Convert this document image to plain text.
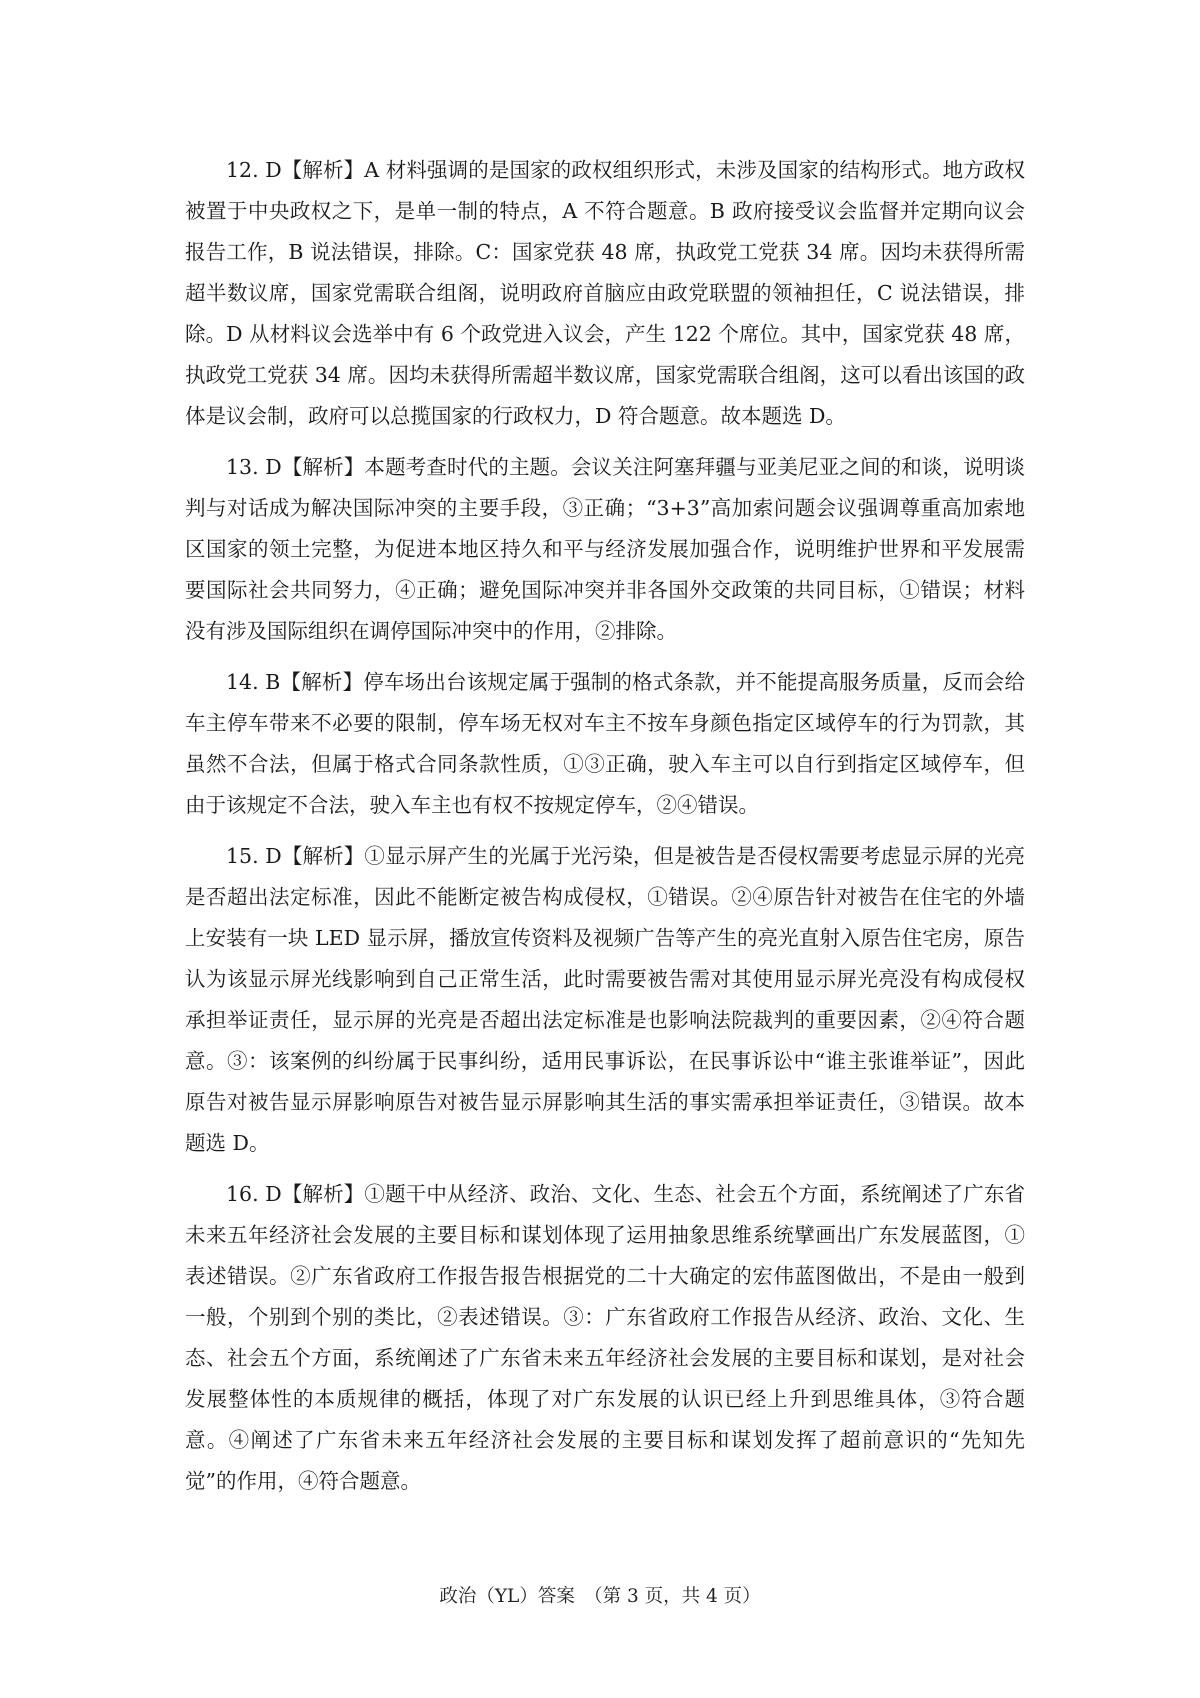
12. D【解析】A 材料强调的是国家的政权组织形式，未涉及国家的结构形式。地方政权被置于中央政权之下，是单一制的特点，A 不符合题意。B 政府接受议会监督并定期向议会报告工作，B 说法错误，排除。C：国家党获 48 席，执政党工党获 34 席。因均未获得所需超半数议席，国家党需联合组阁，说明政府首脑应由政党联盟的领袖担任，C 说法错误，排除。D 从材料议会选举中有 6 个政党进入议会，产生 122 个席位。其中，国家党获 48 席，执政党工党获 34 席。因均未获得所需超半数议席，国家党需联合组阁，这可以看出该国的政体是议会制，政府可以总揽国家的行政权力，D 符合题意。故本题选 D。

13. D【解析】本题考查时代的主题。会议关注阿塞拜疆与亚美尼亚之间的和谈，说明谈判与对话成为解决国际冲突的主要手段，③正确；“3+3”高加索问题会议强调尊重高加索地区国家的领土完整，为促进本地区持久和平与经济发展加强合作，说明维护世界和平发展需要国际社会共同努力，④正确；避免国际冲突并非各国外交政策的共同目标，①错误；材料没有涉及国际组织在调停国际冲突中的作用，②排除。

14. B【解析】停车场出台该规定属于强制的格式条款，并不能提高服务质量，反而会给车主停车带来不必要的限制，停车场无权对车主不按车身颜色指定区域停车的行为罚款，其虽然不合法，但属于格式合同条款性质，①③正确，驶入车主可以自行到指定区域停车，但由于该规定不合法，驶入车主也有权不按规定停车，②④错误。

15. D【解析】①显示屏产生的光属于光污染，但是被告是否侵权需要考虑显示屏的光亮是否超出法定标准，因此不能断定被告构成侵权，①错误。②④原告针对被告在住宅的外墙上安装有一块 LED 显示屏，播放宣传资料及视频广告等产生的亮光直射入原告住宅房，原告认为该显示屏光线影响到自己正常生活，此时需要被告需对其使用显示屏光亮没有构成侵权承担举证责任，显示屏的光亮是否超出法定标准是也影响法院裁判的重要因素，②④符合题意。③：该案例的纠纷属于民事纠纷，适用民事诉讼，在民事诉讼中“谁主张谁举证”，因此原告对被告显示屏影响原告对被告显示屏影响其生活的事实需承担举证责任，③错误。故本题选 D。

16. D【解析】①题干中从经济、政治、文化、生态、社会五个方面，系统阐述了广东省未来五年经济社会发展的主要目标和谋划体现了运用抽象思维系统擘画出广东发展蓝图，①表述错误。②广东省政府工作报告报告根据党的二十大确定的宏伟蓝图做出，不是由一般到一般，个别到个别的类比，②表述错误。③：广东省政府工作报告从经济、政治、文化、生态、社会五个方面，系统阐述了广东省未来五年经济社会发展的主要目标和谋划，是对社会发展整体性的本质规律的概括，体现了对广东发展的认识已经上升到思维具体，③符合题意。④阐述了广东省未来五年经济社会发展的主要目标和谋划发挥了超前意识的“先知先觉”的作用，④符合题意。

政治（YL）答案　（第 3 页，共 4 页）
